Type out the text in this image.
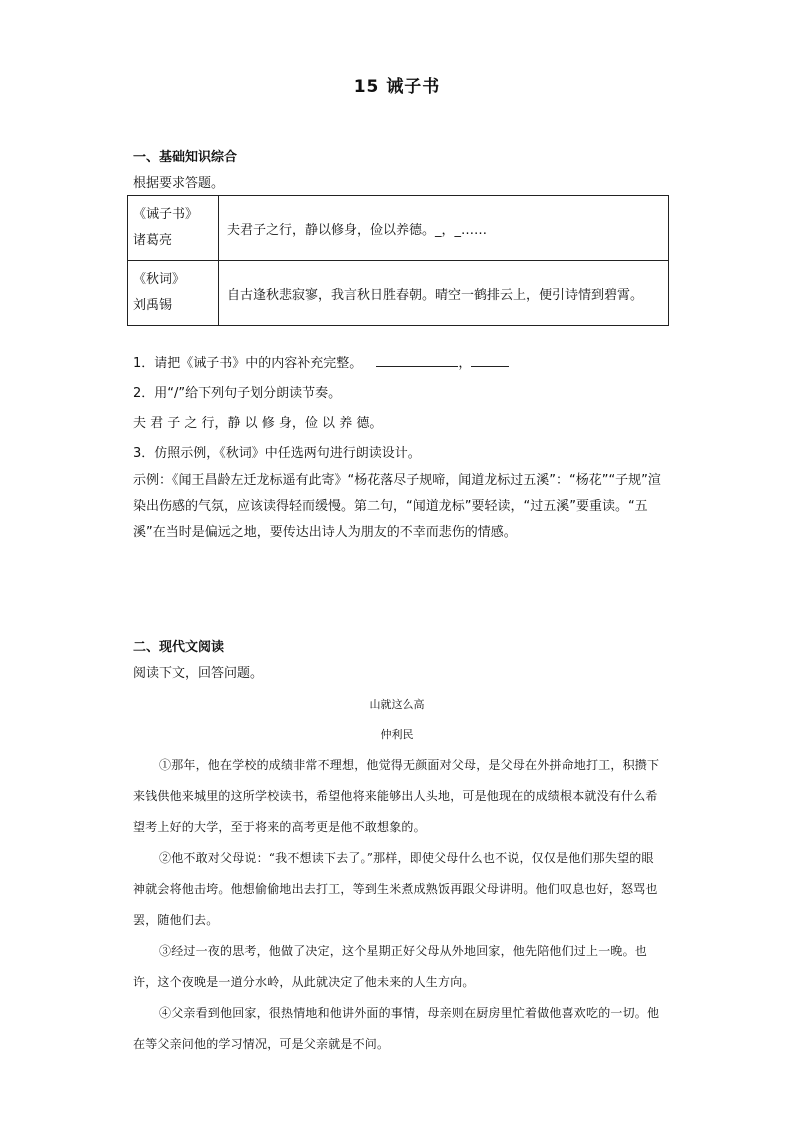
15 诫子书
一、基础知识综合
根据要求答题。
《诫子书》
诸葛亮	夫君子之行，静以修身，俭以养德。_，_……

《秋词》
刘禹锡	自古逢秋悲寂寥，我言秋日胜春朝。晴空一鹤排云上，便引诗情到碧霄。
1．请把《诫子书》中的内容补充完整。	，
2．用“/”给下列句子划分朗读节奏。
夫 君 子 之 行，静 以 修 身，俭 以 养 德。
3．仿照示例，《秋词》中任选两句进行朗读设计。
示例：《闻王昌龄左迁龙标遥有此寄》“杨花落尽子规啼，闻道龙标过五溪”：“杨花”“子规”渲染出伤感的气氛，应该读得轻而缓慢。第二句，“闻道龙标”要轻读，“过五溪”要重读。“五溪”在当时是偏远之地，要传达出诗人为朋友的不幸而悲伤的情感。
二、现代文阅读
阅读下文，回答问题。
山就这么高
仲利民
①那年，他在学校的成绩非常不理想，他觉得无颜面对父母，是父母在外拼命地打工，积攒下来钱供他来城里的这所学校读书，希望他将来能够出人头地，可是他现在的成绩根本就没有什么希望考上好的大学，至于将来的高考更是他不敢想象的。
②他不敢对父母说：“我不想读下去了。”那样，即使父母什么也不说，仅仅是他们那失望的眼神就会将他击垮。他想偷偷地出去打工，等到生米煮成熟饭再跟父母讲明。他们叹息也好，怒骂也罢，随他们去。
③经过一夜的思考，他做了决定，这个星期正好父母从外地回家，他先陪他们过上一晚。也许，这个夜晚是一道分水岭，从此就决定了他未来的人生方向。
④父亲看到他回家，很热情地和他讲外面的事情，母亲则在厨房里忙着做他喜欢吃的一切。他在等父亲问他的学习情况，可是父亲就是不问。
